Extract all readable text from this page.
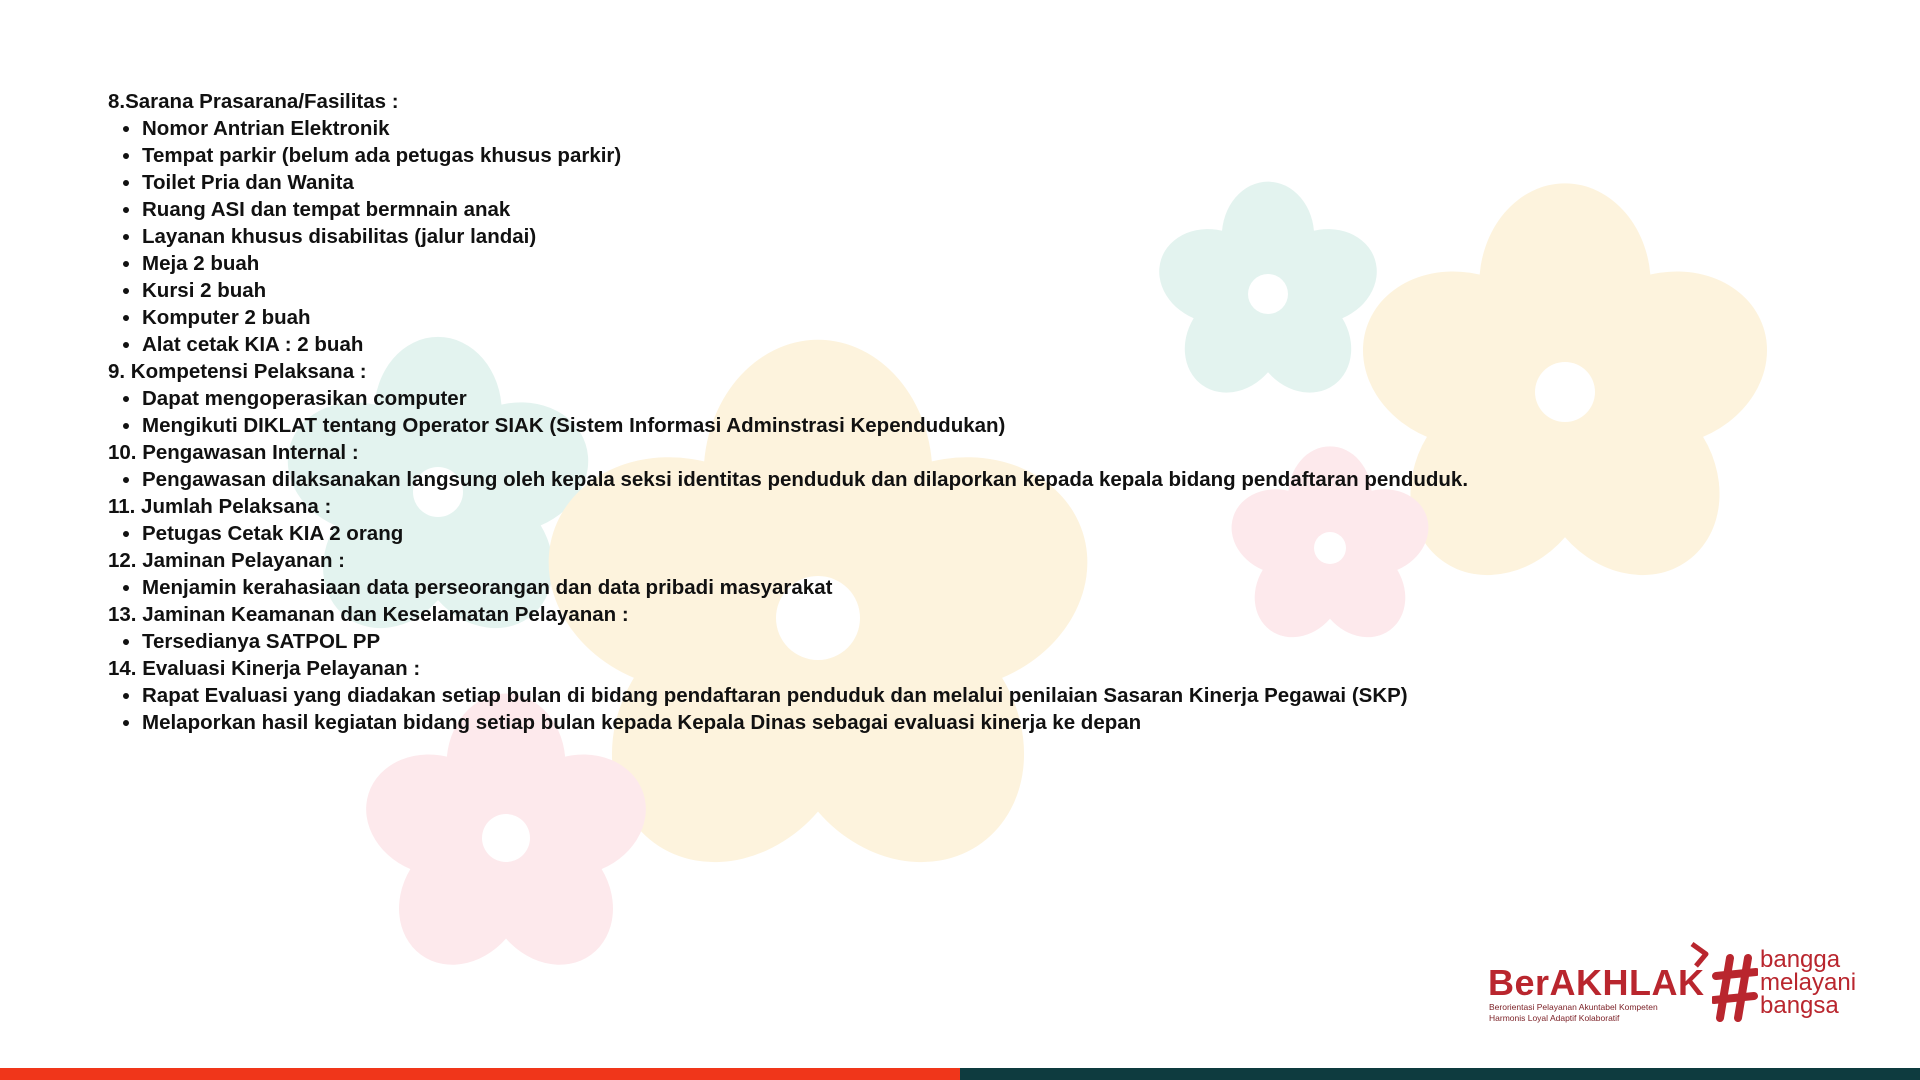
8.Sarana Prasarana/Fasilitas :
• Nomor Antrian Elektronik
• Tempat parkir (belum ada petugas khusus parkir)
• Toilet Pria dan Wanita
• Ruang ASI dan tempat bermnain anak
• Layanan khusus disabilitas (jalur landai)
• Meja 2 buah
• Kursi 2 buah
• Komputer 2 buah
• Alat cetak KIA : 2 buah
9. Kompetensi Pelaksana :
• Dapat mengoperasikan computer
• Mengikuti DIKLAT tentang Operator SIAK (Sistem Informasi Adminstrasi Kependudukan)
10. Pengawasan Internal :
• Pengawasan dilaksanakan langsung oleh kepala seksi identitas penduduk dan dilaporkan kepada kepala bidang pendaftaran penduduk.
11. Jumlah Pelaksana :
• Petugas Cetak KIA 2 orang
12. Jaminan Pelayanan :
• Menjamin kerahasiaan data perseorangan dan data pribadi masyarakat
13. Jaminan Keamanan dan Keselamatan Pelayanan :
• Tersedianya SATPOL PP
14. Evaluasi Kinerja Pelayanan :
• Rapat Evaluasi yang diadakan setiap bulan di bidang pendaftaran penduduk dan melalui penilaian Sasaran Kinerja Pegawai (SKP)
• Melaporkan hasil kegiatan bidang setiap bulan kepada Kepala Dinas sebagai evaluasi kinerja ke depan
BerAKHLAK
Berorientasi Pelayanan Akuntabel Kompeten
Harmonis Loyal Adaptif Kolaboratif
bangga
melayani
bangsa
